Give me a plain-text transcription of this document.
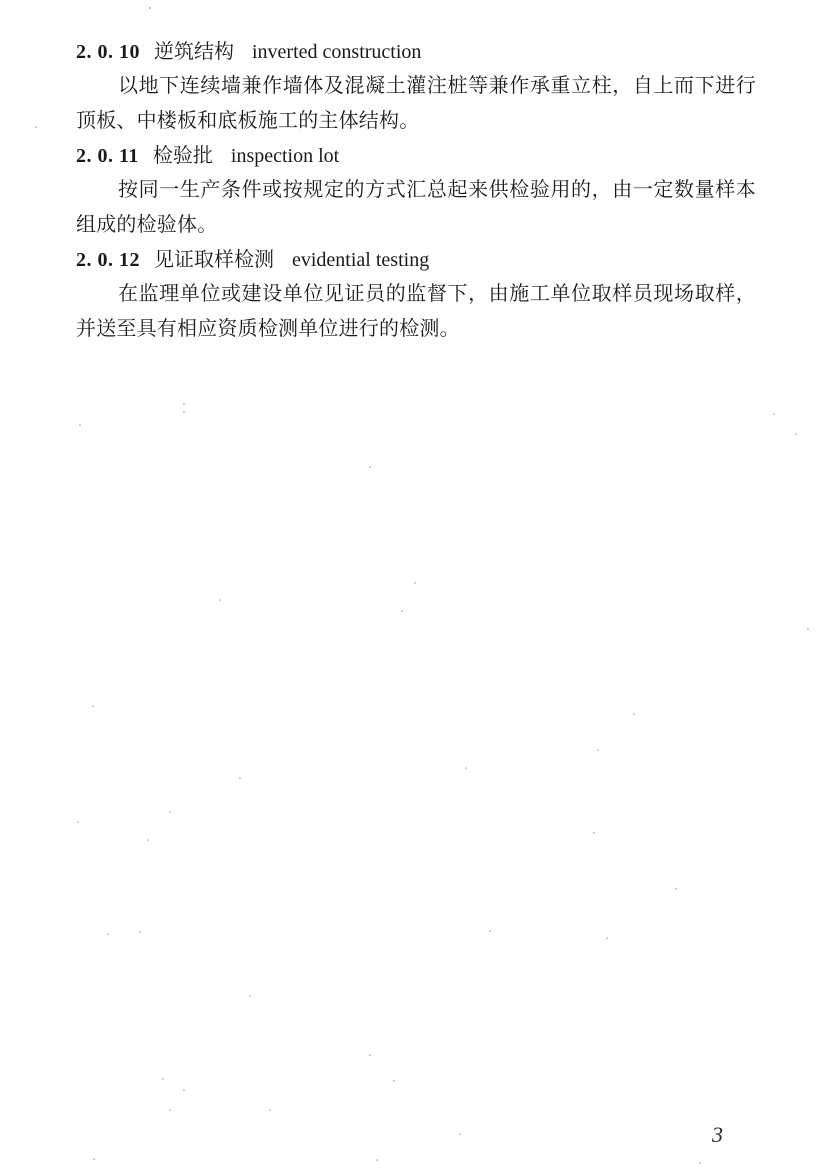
2. 0. 10 逆筑结构 inverted construction

以地下连续墙兼作墙体及混凝土灌注桩等兼作承重立柱，自上而下进行顶板、中楼板和底板施工的主体结构。

2. 0. 11 检验批 inspection lot

按同一生产条件或按规定的方式汇总起来供检验用的，由一定数量样本组成的检验体。

2. 0. 12 见证取样检测 evidential testing

在监理单位或建设单位见证员的监督下，由施工单位取样员现场取样，并送至具有相应资质检测单位进行的检测。

3
